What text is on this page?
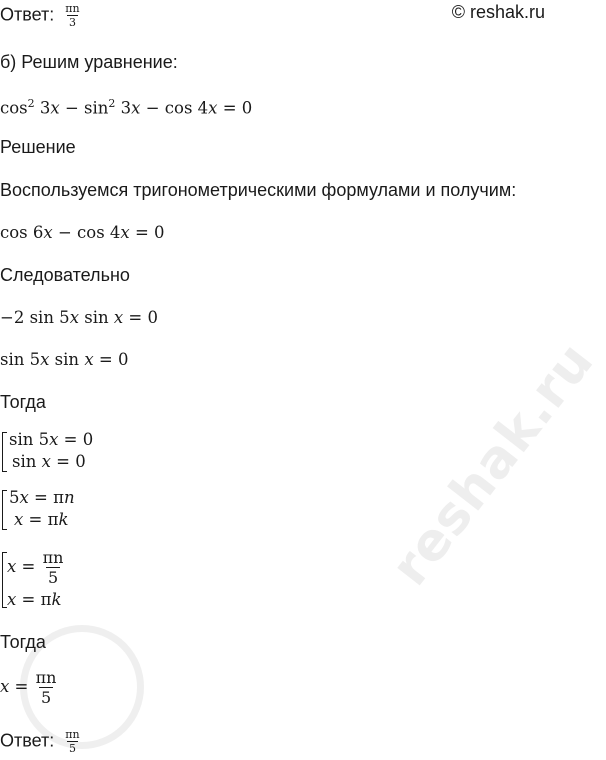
reshak.ru
Ответ: $\frac{\pi n}{3}$	© reshak.ru
б) Решим уравнение:
$\cos^2 3x - \sin^2 3x - \cos 4x = 0$
Решение
Воспользуемся тригонометрическими формулами и получим:
cos 6x − cos 4x = 0
Следовательно
−2 sin 5x sin x = 0
sin 5x sin x = 0
Тогда
sin 5x = 0
sin x = 0
5x = πn
x = πk
$x = \frac{\pi n}{5}$
x = πk
Тогда
$x = \frac{\pi n}{5}$
Ответ: $\frac{\pi n}{5}$
